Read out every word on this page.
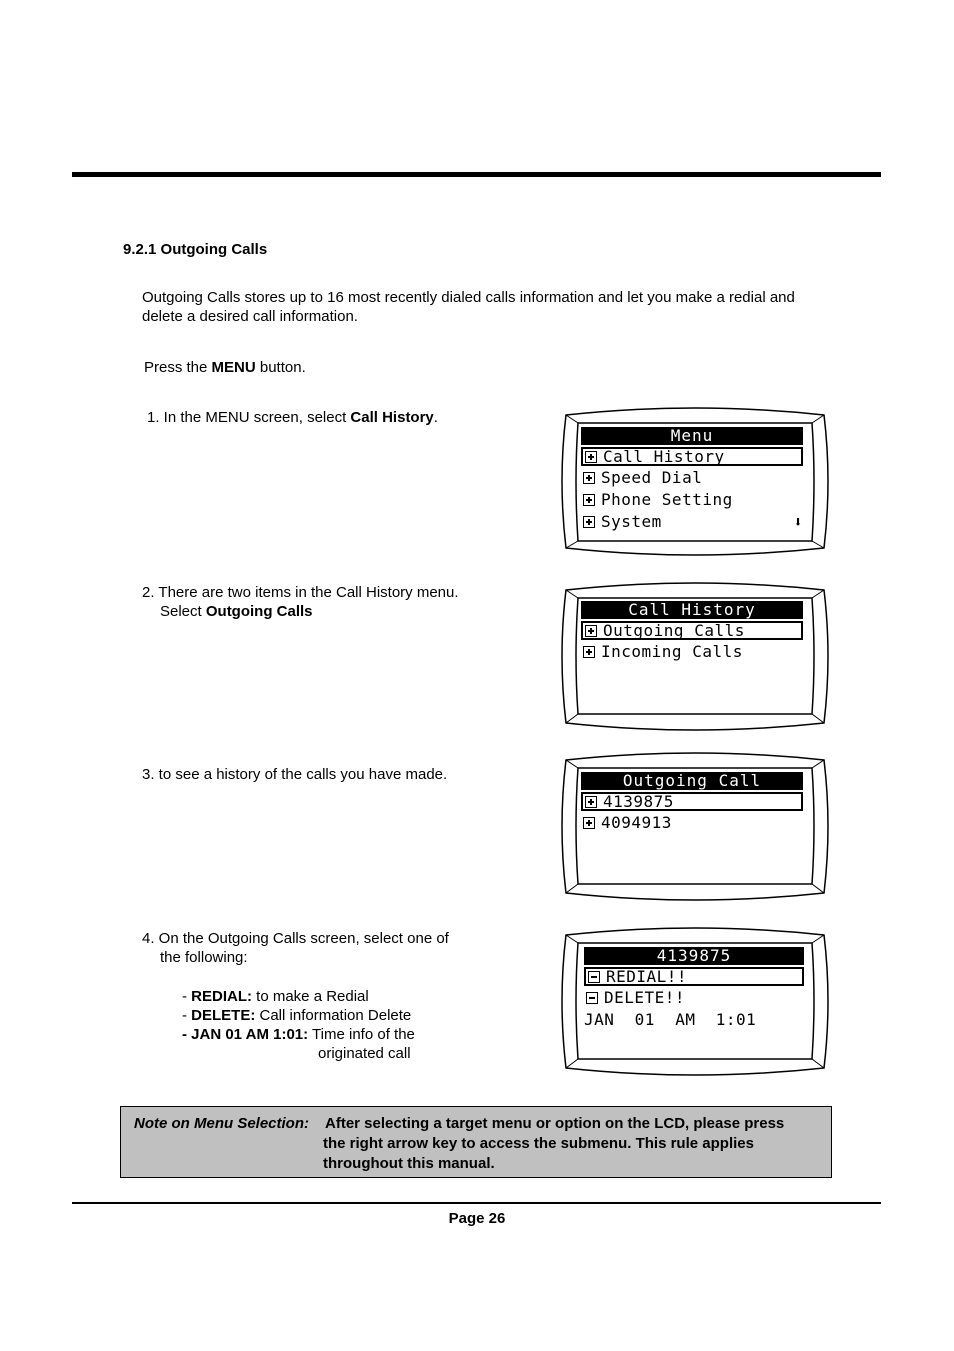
9.2.1 Outgoing Calls
Outgoing Calls stores up to 16 most recently dialed calls information and let you make a redial and delete a desired call information.
Press the MENU button.
1. In the MENU screen, select Call History.
2. There are two items in the Call History menu.
Select Outgoing Calls
3. to see a history of the calls you have made.
4. On the Outgoing Calls screen, select one of
the following:
- REDIAL: to make a Redial
- DELETE: Call information Delete
- JAN 01 AM 1:01: Time info of the
originated call
Menu
Call History
Speed Dial
Phone Setting
System	⬇
Call History
Outgoing Calls
Incoming Calls
Outgoing Call
4139875
4094913
4139875
REDIAL!!
DELETE!!
JAN  01  AM  1:01
Note on Menu Selection:	After selecting a target menu or option on the LCD, please press
the right arrow key to access the submenu. This rule applies
throughout this manual.
Page 26
